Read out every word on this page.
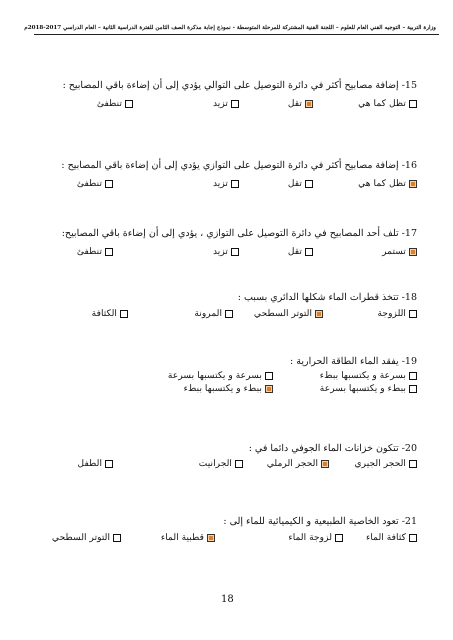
وزارة التربية – التوجيه الفني العام للعلوم – اللجنة الفنية المشتركة للمرحلة المتوسطة - نموذج إجابة مذكرة الصف الثامن للفترة الدراسية الثانية – العام الدراسي 2017-2018م
15- إضافة مصابيح أكثر في دائرة التوصيل على التوالي يؤدي إلى أن إضاءة باقي المصابيح :
تظل كما هي
تقل
تزيد
تنطفئ
16- إضافة مصابيح أكثر في دائرة التوصيل على التوازي يؤدي إلى أن إضاءة باقي المصابيح :
تظل كما هي
تقل
تزيد
تنطفئ
17- تلف أحد المصابيح في دائرة التوصيل على التوازي ، يؤدي إلى أن إضاءة باقي المصابيح:
تستمر
تقل
تزيد
تنطفئ
18- تتخذ قطرات الماء شكلها الدائري بسبب :
اللزوجة
التوتر السطحي
المرونة
الكثافة
19- يفقد الماء الطاقة الحرارية :
بسرعة و يكتسبها ببطء
بسرعة و يكتسبها بسرعة
ببطء و يكتسبها بسرعة
ببطء و يكتسبها ببطء
20- تتكون خزانات الماء الجوفي دائما في :
الحجر الجيري
الحجر الرملي
الجرانيت
الطفل
21- تعود الخاصية الطبيعية و الكيميائية للماء إلى :
كثافة الماء
لزوجة الماء
قطبية الماء
التوتر السطحي
18
